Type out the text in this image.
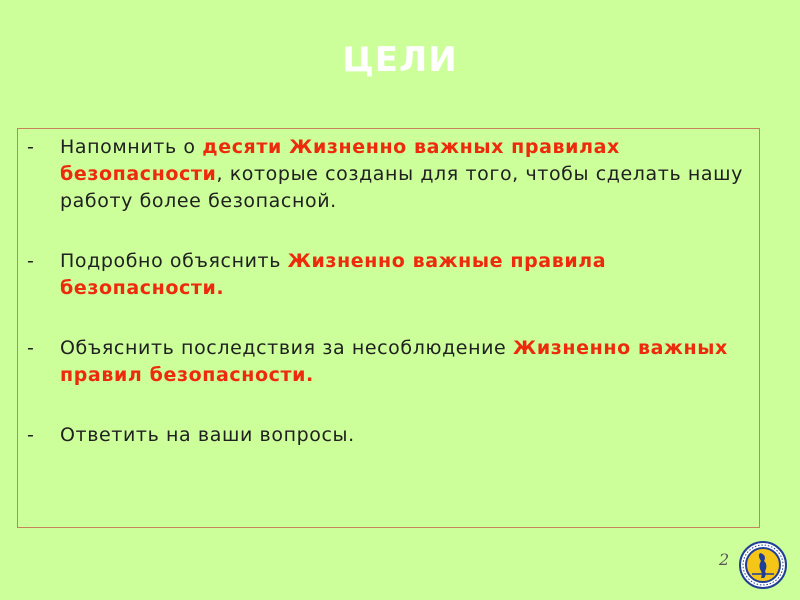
ЦЕЛИ
- Напомнить о десяти Жизненно важных правилах безопасности, которые созданы для того, чтобы сделать нашу работу более безопасной.
- Подробно объяснить Жизненно важные правила безопасности.
- Объяснить последствия за несоблюдение Жизненно важных правил безопасности.
- Ответить на ваши вопросы.
2
